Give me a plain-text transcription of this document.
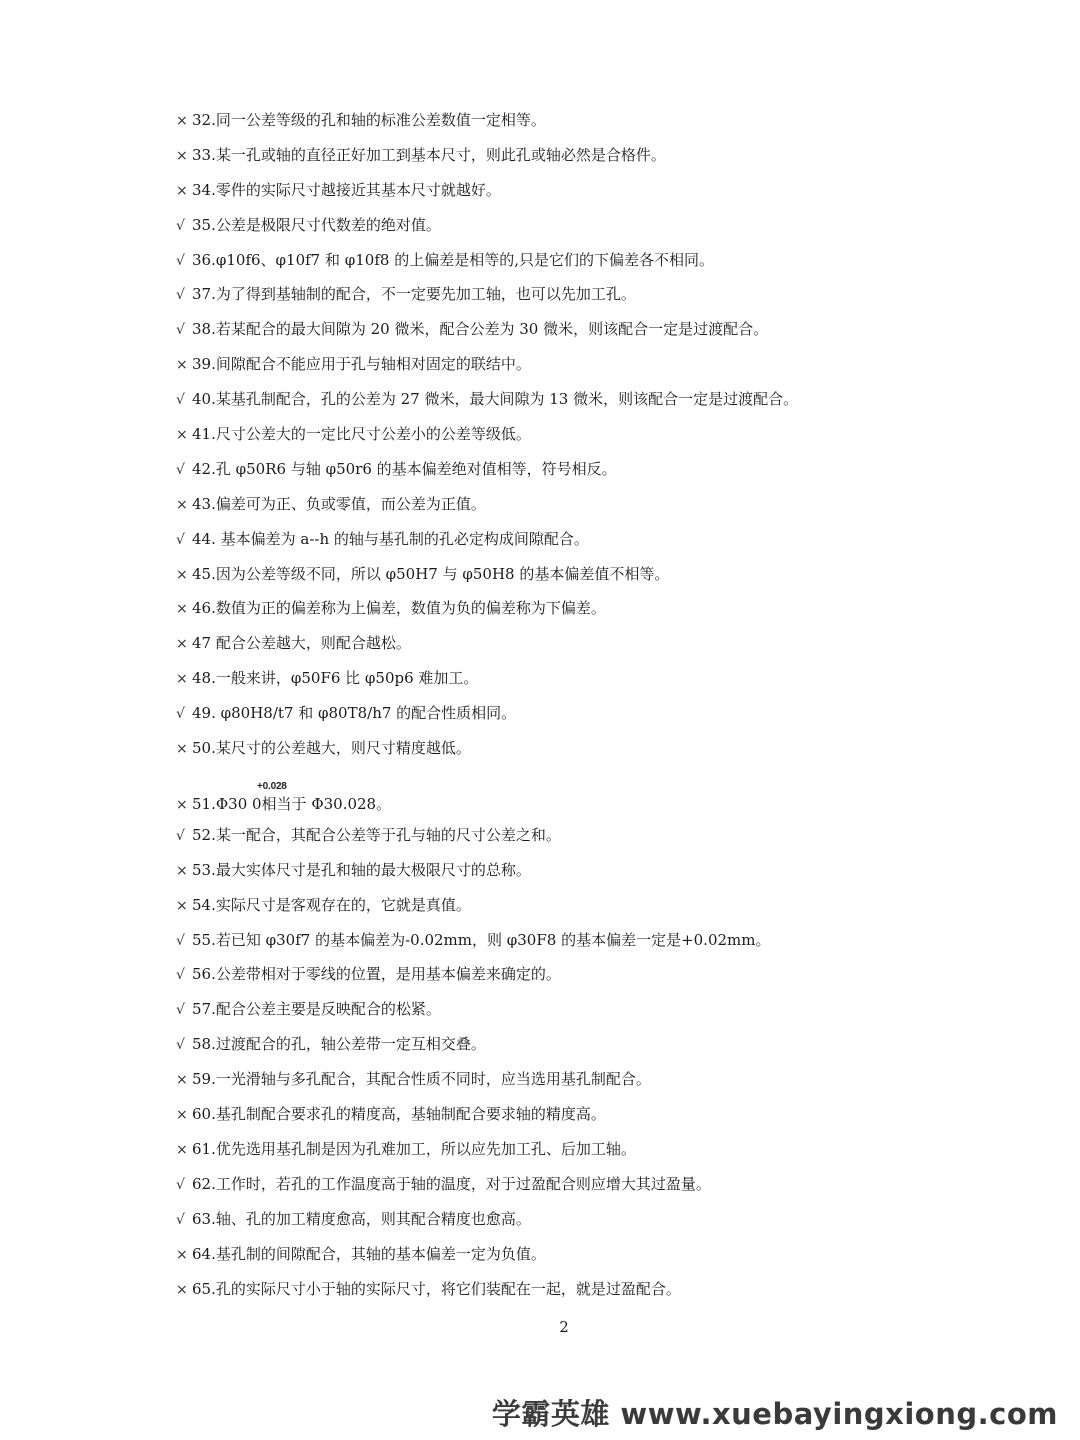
× 32.同一公差等级的孔和轴的标准公差数值一定相等。
× 33.某一孔或轴的直径正好加工到基本尺寸，则此孔或轴必然是合格件。
× 34.零件的实际尺寸越接近其基本尺寸就越好。
√ 35.公差是极限尺寸代数差的绝对值。
√ 36.φ10f6、φ10f7 和 φ10f8 的上偏差是相等的,只是它们的下偏差各不相同。
√ 37.为了得到基轴制的配合，不一定要先加工轴，也可以先加工孔。
√ 38.若某配合的最大间隙为 20 微米，配合公差为 30 微米，则该配合一定是过渡配合。
× 39.间隙配合不能应用于孔与轴相对固定的联结中。
√ 40.某基孔制配合，孔的公差为 27 微米，最大间隙为 13 微米，则该配合一定是过渡配合。
× 41.尺寸公差大的一定比尺寸公差小的公差等级低。
√ 42.孔 φ50R6 与轴 φ50r6 的基本偏差绝对值相等，符号相反。
× 43.偏差可为正、负或零值，而公差为正值。
√ 44. 基本偏差为 a--h 的轴与基孔制的孔必定构成间隙配合。
× 45.因为公差等级不同，所以 φ50H7 与 φ50H8 的基本偏差值不相等。
× 46.数值为正的偏差称为上偏差，数值为负的偏差称为下偏差。
× 47 配合公差越大，则配合越松。
× 48.一般来讲，φ50F6 比 φ50p6 难加工。
√ 49. φ80H8/t7 和 φ80T8/h7 的配合性质相同。
× 50.某尺寸的公差越大，则尺寸精度越低。
× 51.Φ30 0相当于 Φ30.028。
+0.028
√ 52.某一配合，其配合公差等于孔与轴的尺寸公差之和。
× 53.最大实体尺寸是孔和轴的最大极限尺寸的总称。
× 54.实际尺寸是客观存在的，它就是真值。
√ 55.若已知 φ30f7 的基本偏差为-0.02mm，则 φ30F8 的基本偏差一定是+0.02mm。
√ 56.公差带相对于零线的位置，是用基本偏差来确定的。
√ 57.配合公差主要是反映配合的松紧。
√ 58.过渡配合的孔，轴公差带一定互相交叠。
× 59.一光滑轴与多孔配合，其配合性质不同时，应当选用基孔制配合。
× 60.基孔制配合要求孔的精度高，基轴制配合要求轴的精度高。
× 61.优先选用基孔制是因为孔难加工，所以应先加工孔、后加工轴。
√ 62.工作时，若孔的工作温度高于轴的温度，对于过盈配合则应增大其过盈量。
√ 63.轴、孔的加工精度愈高，则其配合精度也愈高。
× 64.基孔制的间隙配合，其轴的基本偏差一定为负值。
× 65.孔的实际尺寸小于轴的实际尺寸，将它们装配在一起，就是过盈配合。
2
学霸英雄 www.xuebayingxiong.com
